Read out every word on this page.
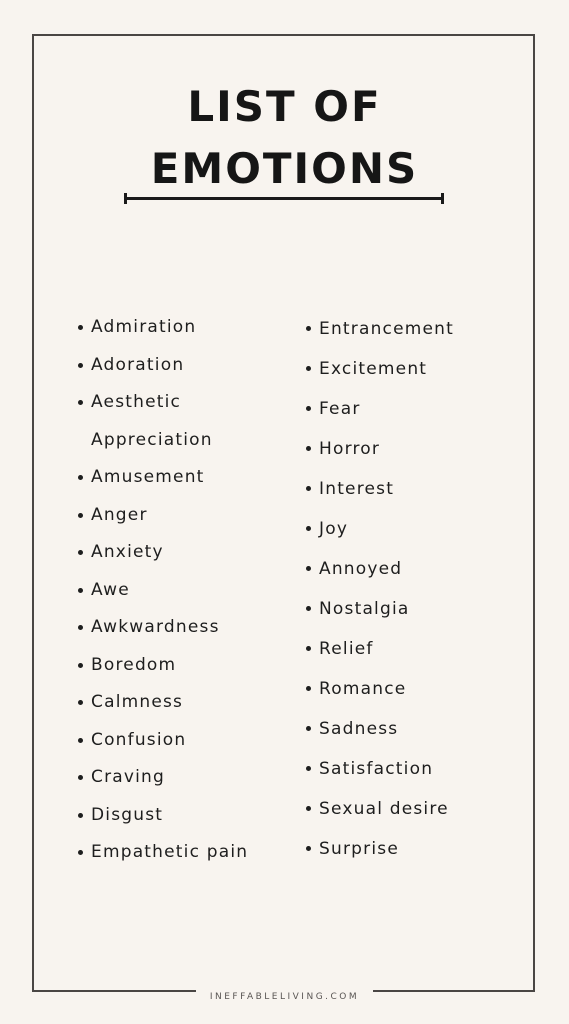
LIST OF
EMOTIONS
Admiration
Adoration
Aesthetic Appreciation
Amusement
Anger
Anxiety
Awe
Awkwardness
Boredom
Calmness
Confusion
Craving
Disgust
Empathetic pain
Entrancement
Excitement
Fear
Horror
Interest
Joy
Annoyed
Nostalgia
Relief
Romance
Sadness
Satisfaction
Sexual desire
Surprise
INEFFABLELIVING.COM
